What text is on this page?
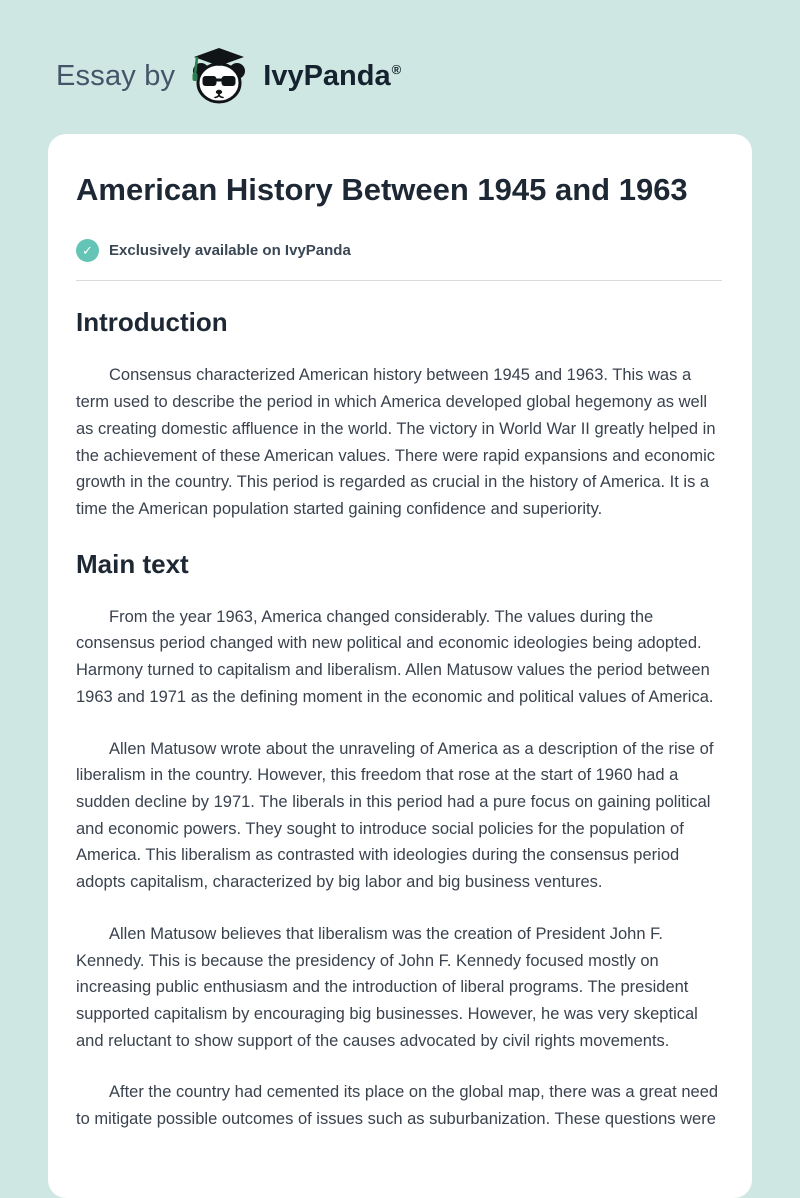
Essay by	IvyPanda ®
American History Between 1945 and 1963
✓	Exclusively available on IvyPanda
Introduction

Consensus characterized American history between 1945 and 1963. This was a term used to describe the period in which America developed global hegemony as well as creating domestic affluence in the world. The victory in World War II greatly helped in the achievement of these American values. There were rapid expansions and economic growth in the country. This period is regarded as crucial in the history of America. It is a time the American population started gaining confidence and superiority.

Main text

From the year 1963, America changed considerably. The values during the consensus period changed with new political and economic ideologies being adopted. Harmony turned to capitalism and liberalism. Allen Matusow values the period between 1963 and 1971 as the defining moment in the economic and political values of America.

Allen Matusow wrote about the unraveling of America as a description of the rise of liberalism in the country. However, this freedom that rose at the start of 1960 had a sudden decline by 1971. The liberals in this period had a pure focus on gaining political and economic powers. They sought to introduce social policies for the population of America. This liberalism as contrasted with ideologies during the consensus period adopts capitalism, characterized by big labor and big business ventures.

Allen Matusow believes that liberalism was the creation of President John F. Kennedy. This is because the presidency of John F. Kennedy focused mostly on increasing public enthusiasm and the introduction of liberal programs. The president supported capitalism by encouraging big businesses. However, he was very skeptical and reluctant to show support of the causes advocated by civil rights movements.

After the country had cemented its place on the global map, there was a great need to mitigate possible outcomes of issues such as suburbanization. These questions were
